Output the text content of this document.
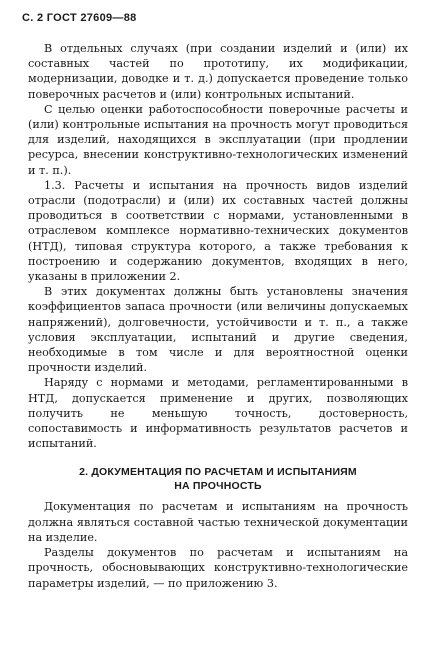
С. 2 ГОСТ 27609—88

В отдельных случаях (при создании изделий и (или) их составных частей по прототипу, их модификации, модернизации, доводке и т. д.) допускается проведение только поверочных расчетов и (или) контрольных испытаний.

С целью оценки работоспособности поверочные расчеты и (или) контрольные испытания на прочность могут проводиться для изделий, находящихся в эксплуатации (при продлении ресурса, внесении конструктивно-технологических изменений и т. п.).

1.3. Расчеты и испытания на прочность видов изделий отрасли (подотрасли) и (или) их составных частей должны проводиться в соответствии с нормами, установленными в отраслевом комплексе нормативно-технических документов (НТД), типовая структура которого, а также требования к построению и содержанию документов, входящих в него, указаны в приложении 2.

В этих документах должны быть установлены значения коэффициентов запаса прочности (или величины допускаемых напряжений), долговечности, устойчивости и т. п., а также условия эксплуатации, испытаний и другие сведения, необходимые в том числе и для вероятностной оценки прочности изделий.

Наряду с нормами и методами, регламентированными в НТД, допускается применение и других, позволяющих получить не меньшую точность, достоверность, сопоставимость и информативность результатов расчетов и испытаний.

2. ДОКУМЕНТАЦИЯ ПО РАСЧЕТАМ И ИСПЫТАНИЯМ
НА ПРОЧНОСТЬ

Документация по расчетам и испытаниям на прочность должна являться составной частью технической документации на изделие.

Разделы документов по расчетам и испытаниям на прочность, обосновывающих конструктивно-технологические параметры изделий, — по приложению 3.
